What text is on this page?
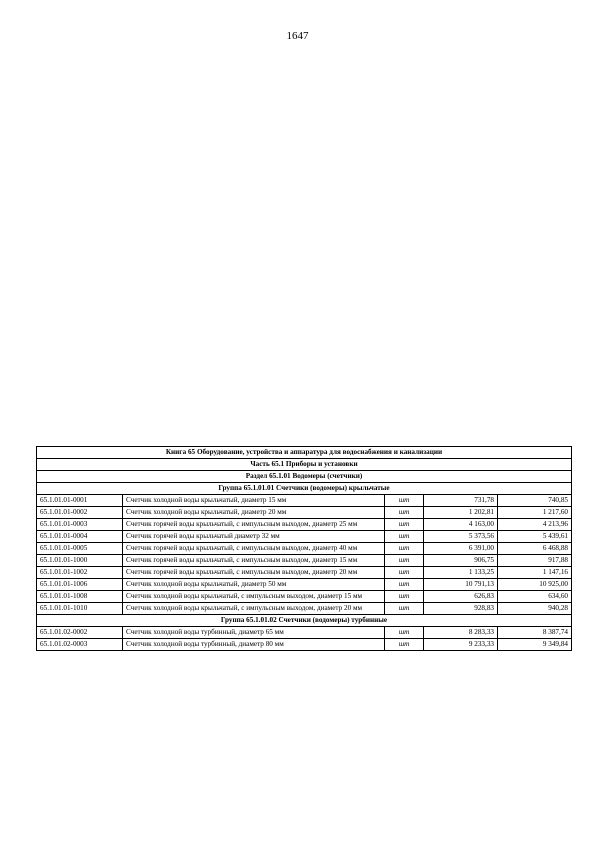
1647
Книга 65 Оборудование, устройства и аппаратура для водоснабжения и канализации				
Часть 65.1 Приборы и установки				
Раздел 65.1.01 Водомеры (счетчики)				
Группа 65.1.01.01 Счетчики (водомеры) крыльчатые				
65.1.01.01-0001	Счетчик холодной воды крыльчатый, диаметр 15 мм	шт	731,78	740,85
65.1.01.01-0002	Счетчик холодной воды крыльчатый, диаметр 20 мм	шт	1 202,81	1 217,60
65.1.01.01-0003	Счетчик горячей воды крыльчатый, с импульсным выходом, диаметр 25 мм	шт	4 163,00	4 213,96
65.1.01.01-0004	Счетчик горячей воды крыльчатый диаметр 32 мм	шт	5 373,56	5 439,61
65.1.01.01-0005	Счетчик горячей воды крыльчатый, с импульсным выходом, диаметр 40 мм	шт	6 391,00	6 468,88
65.1.01.01-1000	Счетчик горячей воды крыльчатый, с импульсным выходом, диаметр 15 мм	шт	906,75	917,88
65.1.01.01-1002	Счетчик горячей воды крыльчатый, с импульсным выходом, диаметр 20 мм	шт	1 133,25	1 147,16
65.1.01.01-1006	Счетчик холодной воды крыльчатый, диаметр 50 мм	шт	10 791,13	10 925,00
65.1.01.01-1008	Счетчик холодной воды крыльчатый, с импульсным выходом, диаметр 15 мм	шт	626,83	634,60
65.1.01.01-1010	Счетчик холодной воды крыльчатый, с импульсным выходом, диаметр 20 мм	шт	928,83	940,28
Группа 65.1.01.02 Счетчики (водомеры) турбинные				
65.1.01.02-0002	Счетчик холодной воды турбинный, диаметр 65 мм	шт	8 283,33	8 387,74
65.1.01.02-0003	Счетчик холодной воды турбинный, диаметр 80 мм	шт	9 233,33	9 349,84
